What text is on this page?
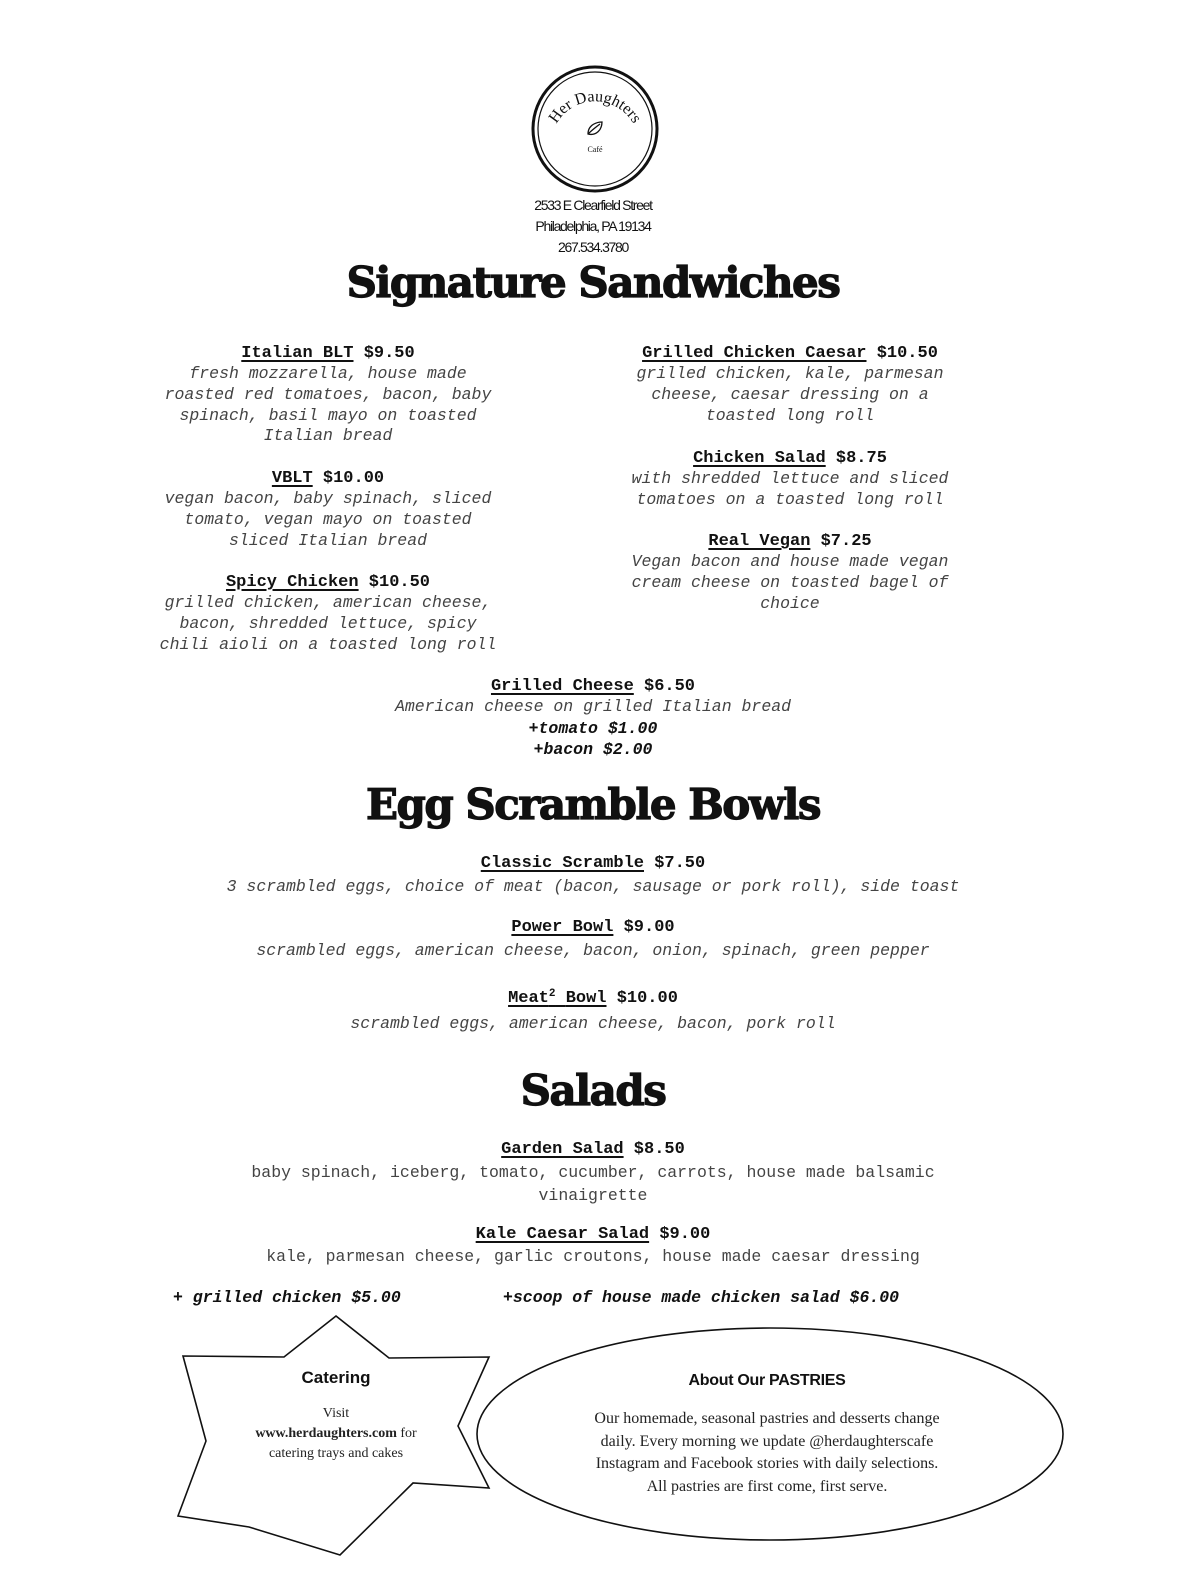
Her Daughters
Café
2533 E Clearfield Street
Philadelphia, PA 19134
267.534.3780
Signature Sandwiches
Italian BLT $9.50
fresh mozzarella, house made
roasted red tomatoes, bacon, baby
spinach, basil mayo on toasted
Italian bread
VBLT $10.00
vegan bacon, baby spinach, sliced
tomato, vegan mayo on toasted
sliced Italian bread
Spicy Chicken $10.50
grilled chicken, american cheese,
bacon, shredded lettuce, spicy
chili aioli on a toasted long roll
Grilled Chicken Caesar $10.50
grilled chicken, kale, parmesan
cheese, caesar dressing on a
toasted long roll
Chicken Salad $8.75
with shredded lettuce and sliced
tomatoes on a toasted long roll
Real Vegan $7.25
Vegan bacon and house made vegan
cream cheese on toasted bagel of
choice
Grilled Cheese $6.50
American cheese on grilled Italian bread
+tomato $1.00
+bacon $2.00
Egg Scramble Bowls
Classic Scramble $7.50
3 scrambled eggs, choice of meat (bacon, sausage or pork roll), side toast
Power Bowl $9.00
scrambled eggs, american cheese, bacon, onion, spinach, green pepper
Meat$^2$ Bowl $10.00
scrambled eggs, american cheese, bacon, pork roll
Salads
Garden Salad $8.50
baby spinach, iceberg, tomato, cucumber, carrots, house made balsamic
vinaigrette
Kale Caesar Salad $9.00
kale, parmesan cheese, garlic croutons, house made caesar dressing
+ grilled chicken $5.00	+scoop of house made chicken salad $6.00
Catering
Visit
www.herdaughters.com for
catering trays and cakes
About Our PASTRIES
Our homemade, seasonal pastries and desserts change
daily. Every morning we update @herdaughterscafe
Instagram and Facebook stories with daily selections.
All pastries are first come, first serve.
